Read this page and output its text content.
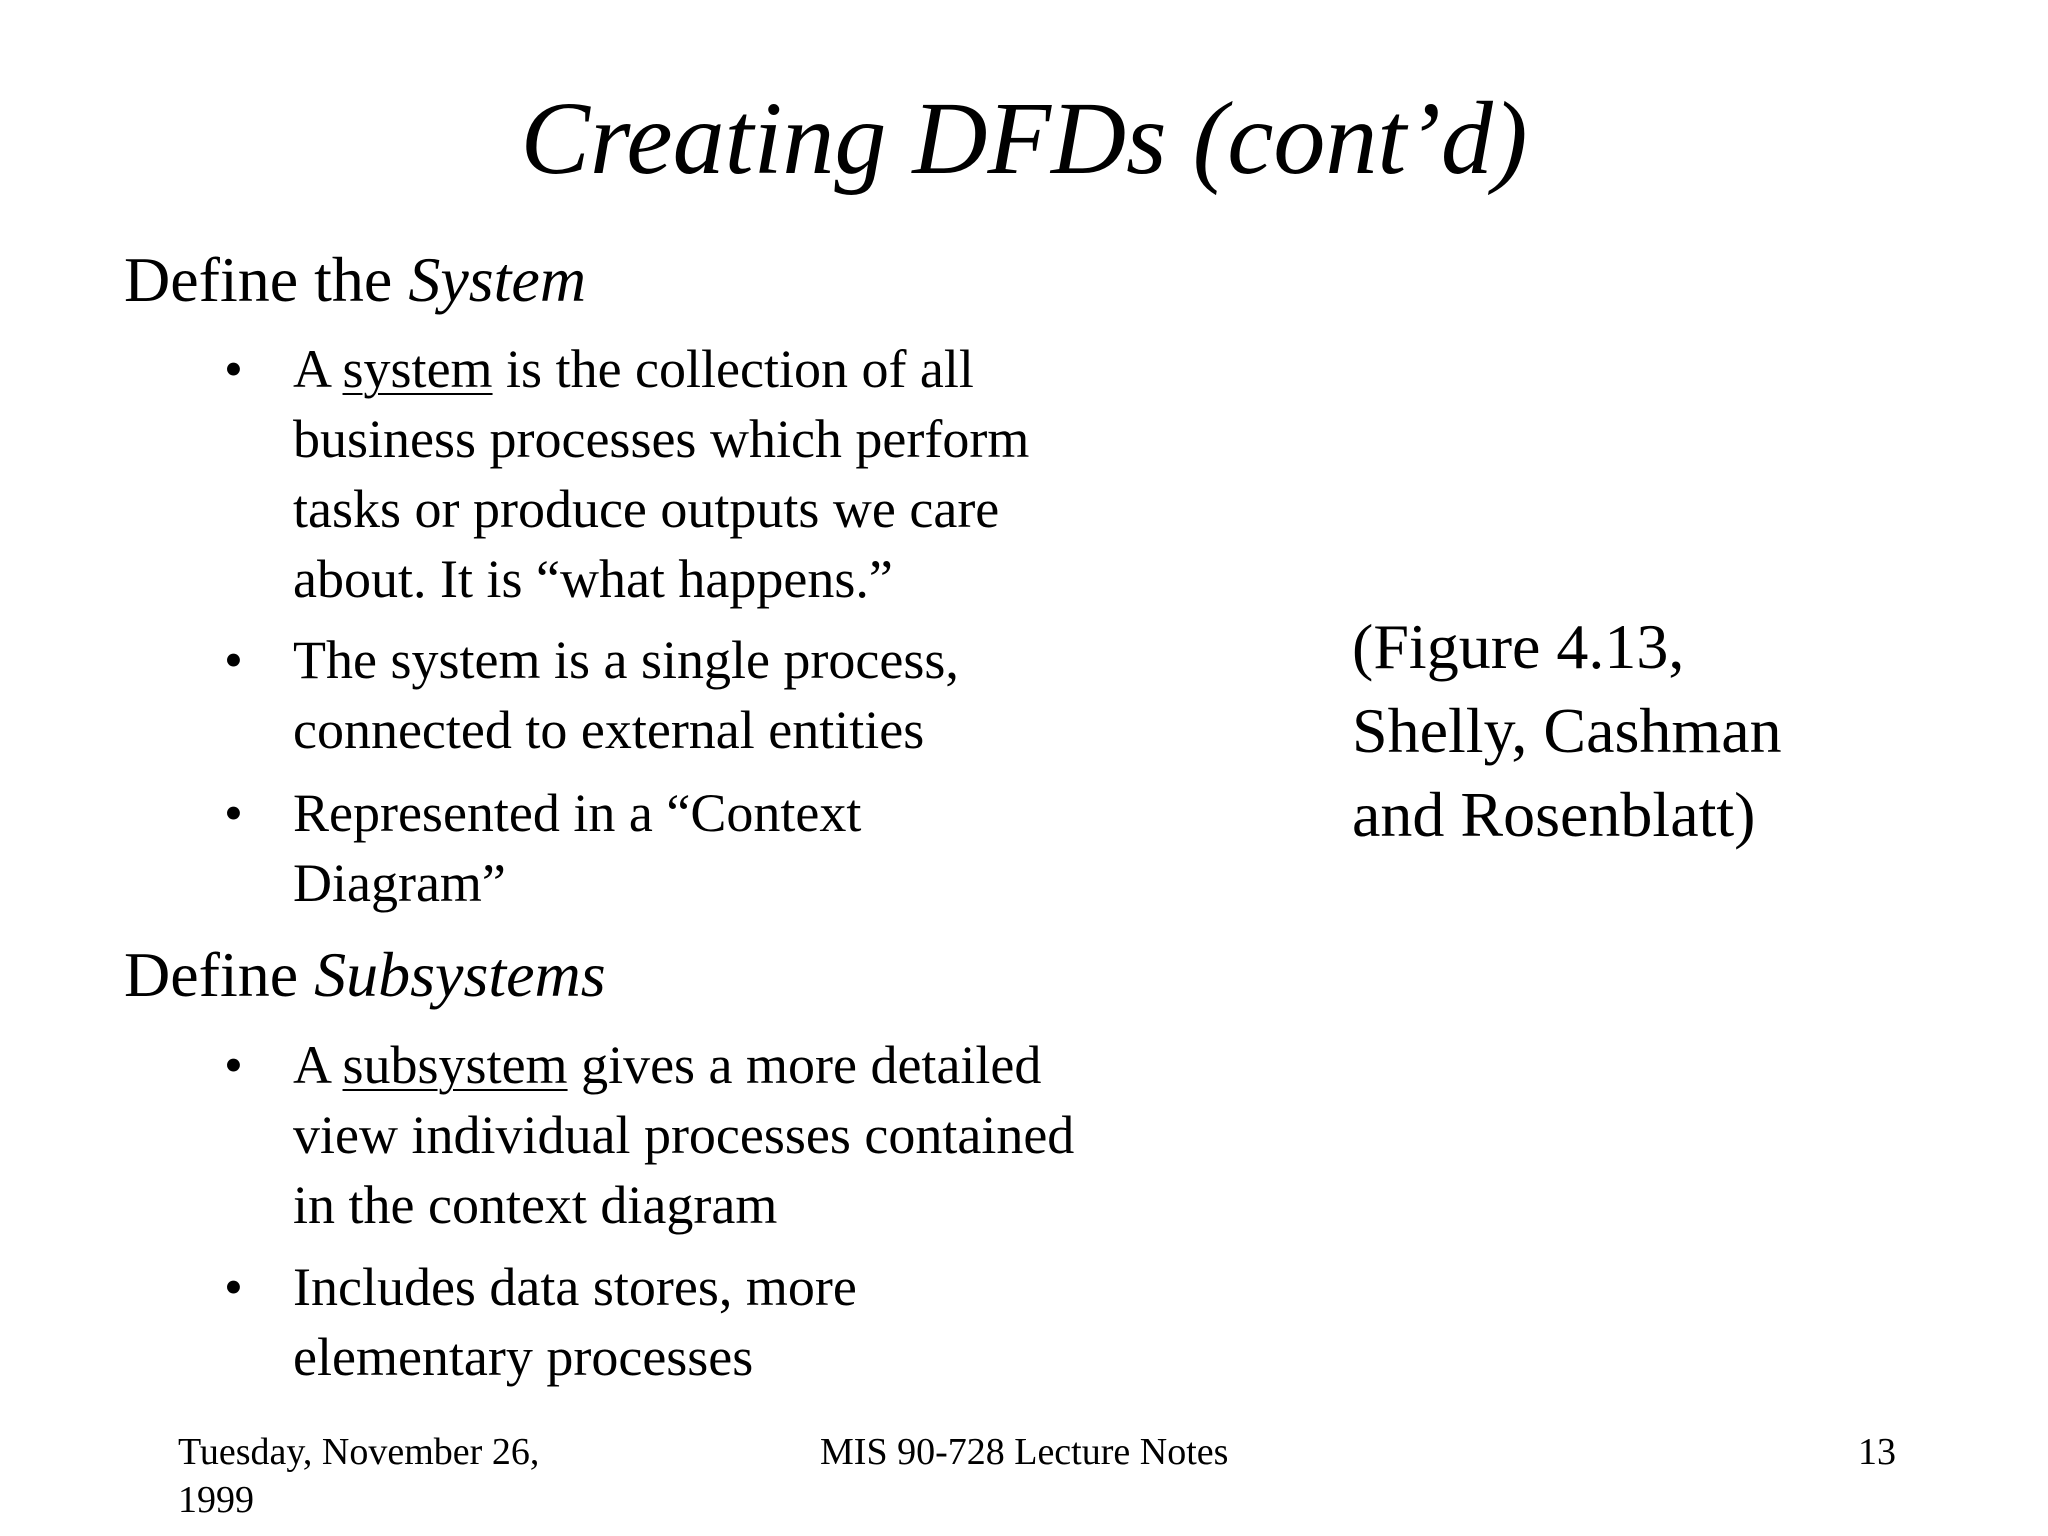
Creating DFDs (cont’d)
Define the System
• A system is the collection of all business processes which perform tasks or produce outputs we care about. It is “what happens.”
• The system is a single process, connected to external entities
• Represented in a “Context Diagram”
Define Subsystems
• A subsystem gives a more detailed view individual processes contained in the context diagram
• Includes data stores, more elementary processes
(Figure 4.13, Shelly, Cashman and Rosenblatt)
Tuesday, November 26, 1999
MIS 90-728 Lecture Notes	13
